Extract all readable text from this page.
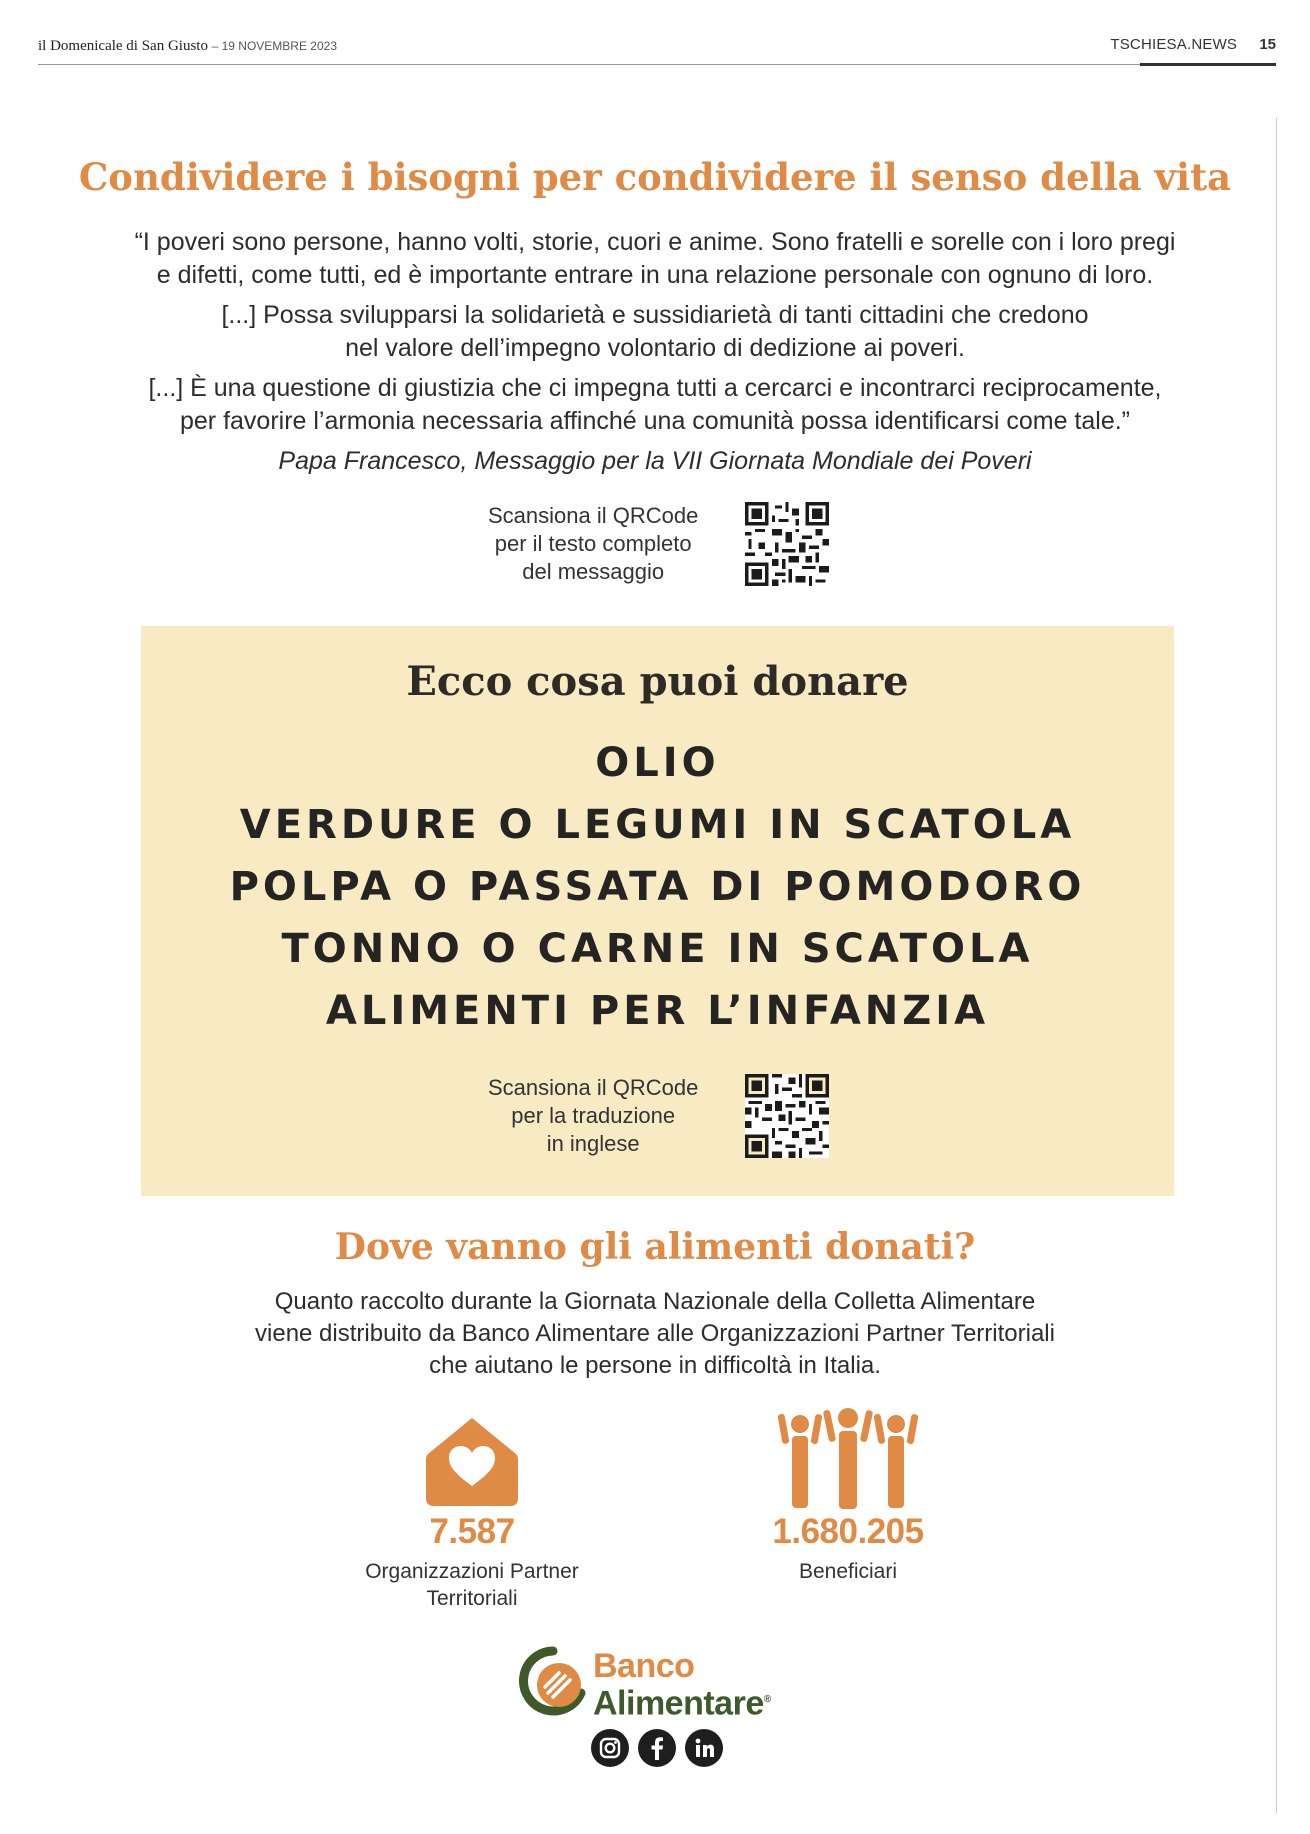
il Domenicale di San Giusto – 19 NOVEMBRE 2023	TSCHIESA.NEWS 15
Condividere i bisogni per condividere il senso della vita

“I poveri sono persone, hanno volti, storie, cuori e anime. Sono fratelli e sorelle con i loro pregi
e difetti, come tutti, ed è importante entrare in una relazione personale con ognuno di loro.

[...] Possa svilupparsi la solidarietà e sussidiarietà di tanti cittadini che credono
nel valore dell’impegno volontario di dedizione ai poveri.

[...] È una questione di giustizia che ci impegna tutti a cercarci e incontrarci reciprocamente,
per favorire l’armonia necessaria affinché una comunità possa identificarsi come tale.”

Papa Francesco, Messaggio per la VII Giornata Mondiale dei Poveri

Scansiona il QRCode
per il testo completo
del messaggio
Ecco cosa puoi donare
OLIO
VERDURE O LEGUMI IN SCATOLA
POLPA O PASSATA DI POMODORO
TONNO O CARNE IN SCATOLA
ALIMENTI PER L’INFANZIA
Scansiona il QRCode
per la traduzione
in inglese
Dove vanno gli alimenti donati?
Quanto raccolto durante la Giornata Nazionale della Colletta Alimentare
viene distribuito da Banco Alimentare alle Organizzazioni Partner Territoriali
che aiutano le persone in difficoltà in Italia.
7.587
Organizzazioni Partner
Territoriali
1.680.205
Beneficiari
Banco
Alimentare®
